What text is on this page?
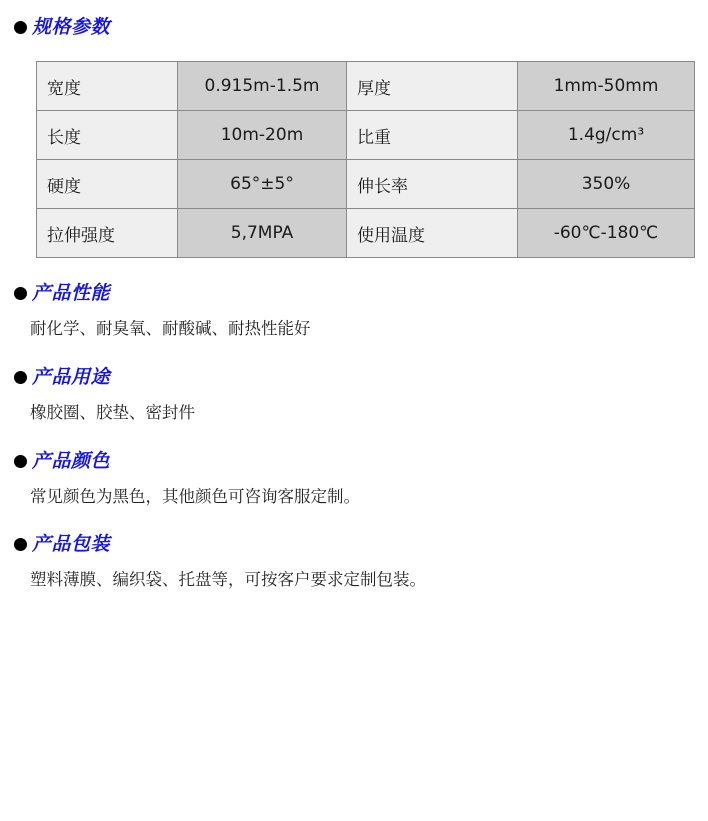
规格参数
宽度	0.915m-1.5m	厚度	1mm-50mm
长度	10m-20m	比重	1.4g/cm³
硬度	65°±5°	伸长率	350%
拉伸强度	5,7MPA	使用温度	-60℃-180℃
产品性能
耐化学、耐臭氧、耐酸碱、耐热性能好
产品用途
橡胶圈、胶垫、密封件
产品颜色
常见颜色为黑色，其他颜色可咨询客服定制。
产品包装
塑料薄膜、编织袋、托盘等，可按客户要求定制包装。
